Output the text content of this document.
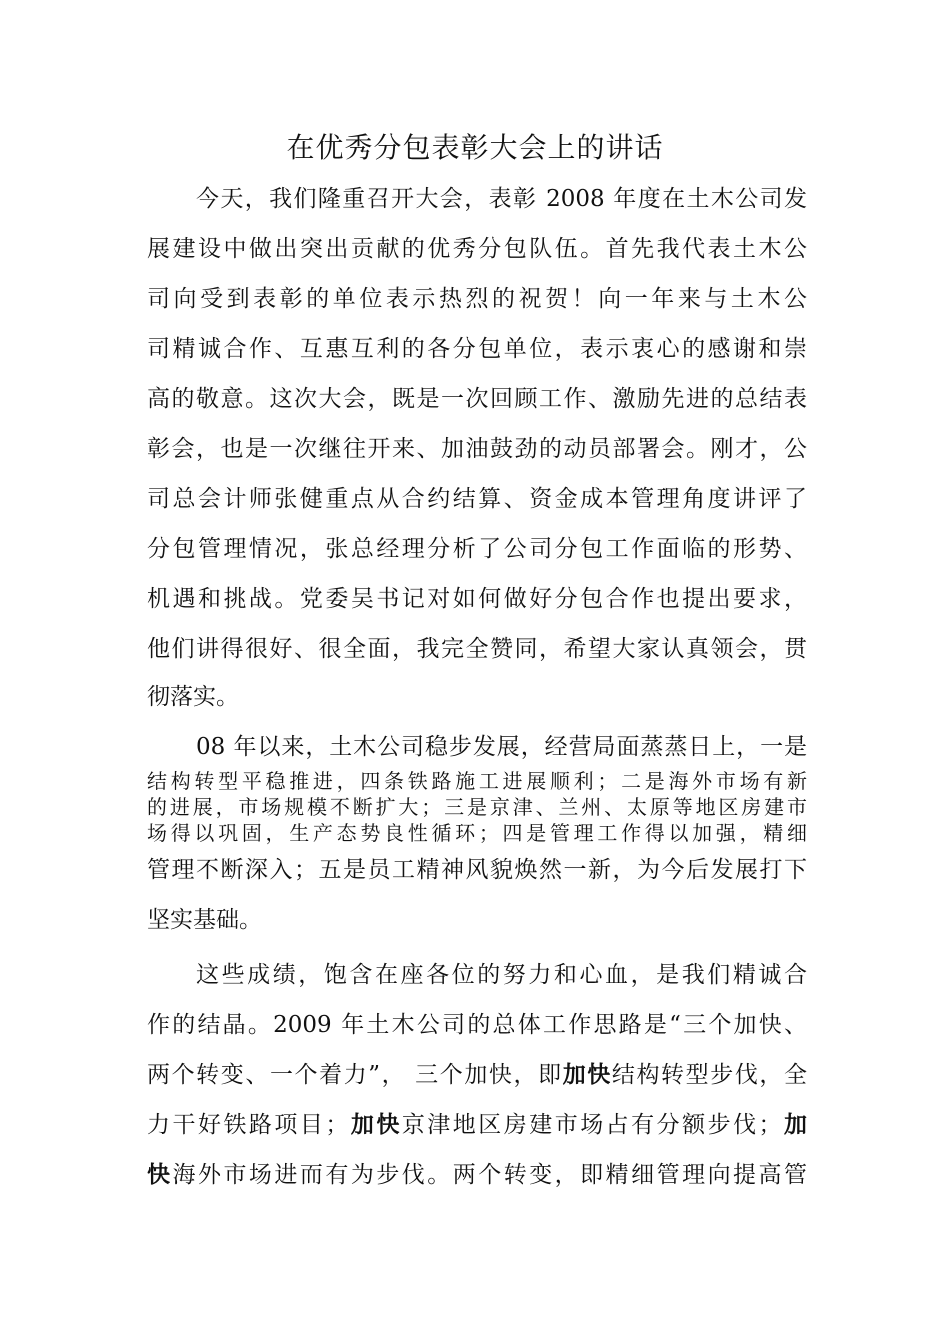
在优秀分包表彰大会上的讲话

今天，我们隆重召开大会，表彰 2008 年度在土木公司发

展建设中做出突出贡献的优秀分包队伍。首先我代表土木公

司向受到表彰的单位表示热烈的祝贺！向一年来与土木公

司精诚合作、互惠互利的各分包单位，表示衷心的感谢和崇

高的敬意。这次大会，既是一次回顾工作、激励先进的总结表

彰会，也是一次继往开来、加油鼓劲的动员部署会。刚才，公

司总会计师张健重点从合约结算、资金成本管理角度讲评了

分包管理情况，张总经理分析了公司分包工作面临的形势、

机遇和挑战。党委吴书记对如何做好分包合作也提出要求，

他们讲得很好、很全面，我完全赞同，希望大家认真领会，贯

彻落实。

08 年以来，土木公司稳步发展，经营局面蒸蒸日上，一是

结构转型平稳推进，四条铁路施工进展顺利；二是海外市场有新

的进展，市场规模不断扩大；三是京津、兰州、太原等地区房建市

场得以巩固，生产态势良性循环；四是管理工作得以加强，精细

管理不断深入；五是员工精神风貌焕然一新，为今后发展打下

坚实基础。

这些成绩，饱含在座各位的努力和心血，是我们精诚合

作的结晶。2009 年土木公司的总体工作思路是“三个加快、

两个转变、一个着力”， 三个加快，即加快结构转型步伐，全

力干好铁路项目；加快京津地区房建市场占有分额步伐；加

快海外市场进而有为步伐。两个转变，即精细管理向提高管
